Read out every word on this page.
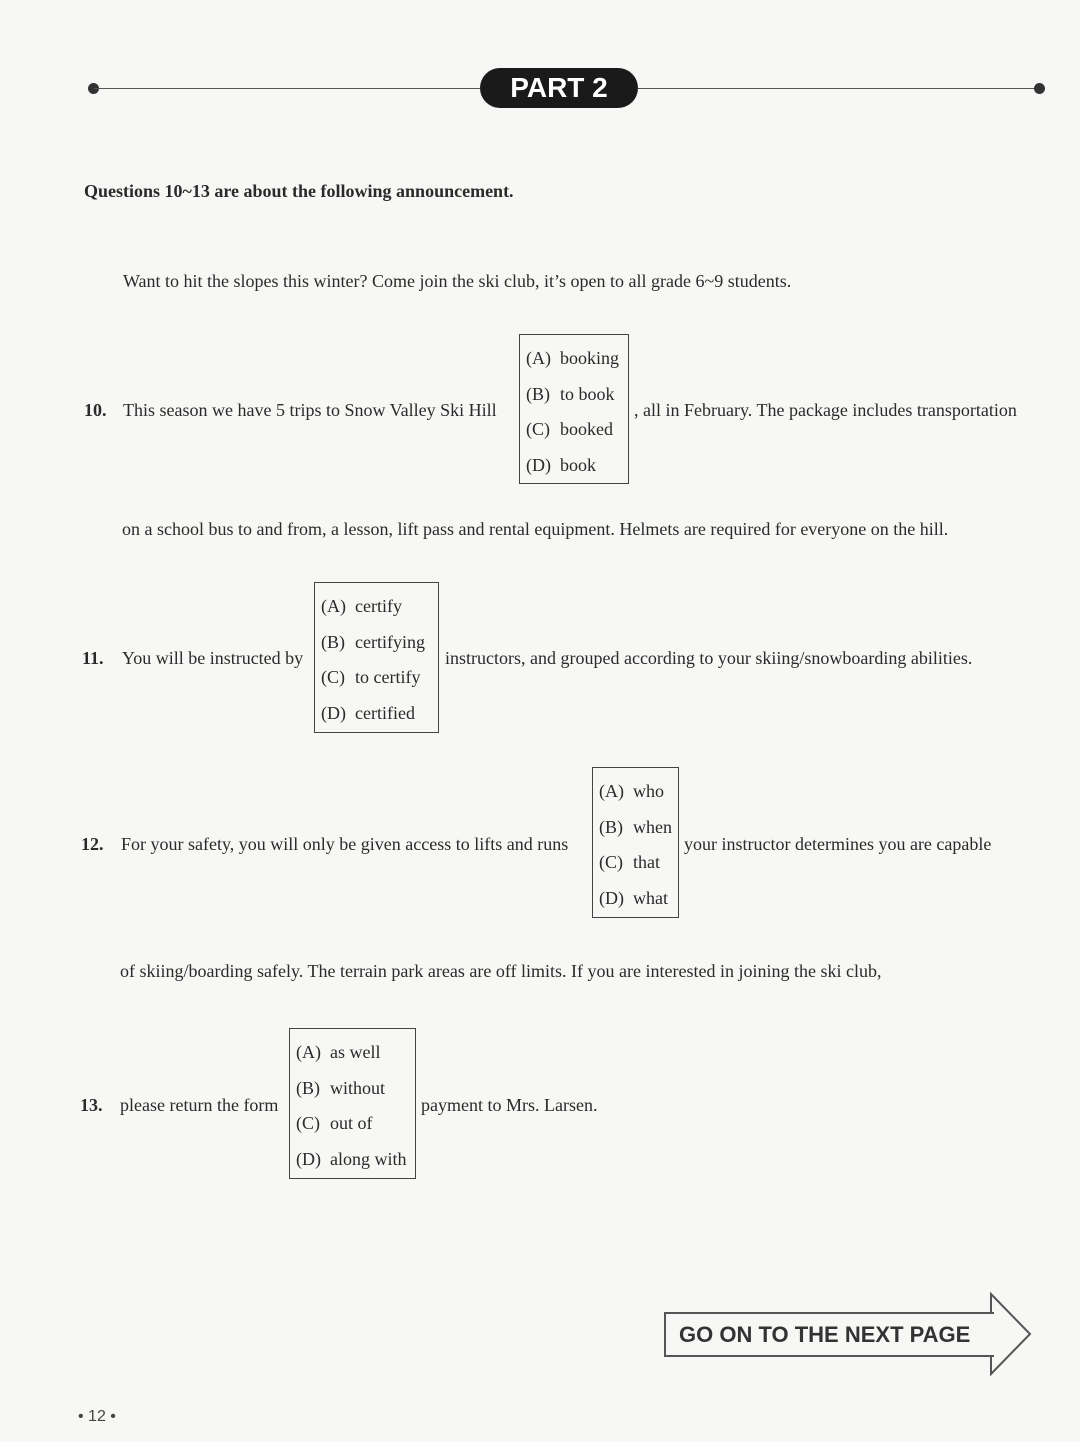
PART 2
Questions 10~13 are about the following announcement.
Want to hit the slopes this winter? Come join the ski club, it’s open to all grade 6~9 students.
10. This season we have 5 trips to Snow Valley Ski Hill
(A) booking
(B) to book
(C) booked
(D) book
, all in February. The package includes transportation
on a school bus to and from, a lesson, lift pass and rental equipment. Helmets are required for everyone on the hill.
11. You will be instructed by
(A) certify
(B) certifying
(C) to certify
(D) certified
instructors, and grouped according to your skiing/snowboarding abilities.
12. For your safety, you will only be given access to lifts and runs
(A) who
(B) when
(C) that
(D) what
your instructor determines you are capable
of skiing/boarding safely. The terrain park areas are off limits. If you are interested in joining the ski club,
13. please return the form
(A) as well
(B) without
(C) out of
(D) along with
payment to Mrs. Larsen.
GO ON TO THE NEXT PAGE
• 12 •
